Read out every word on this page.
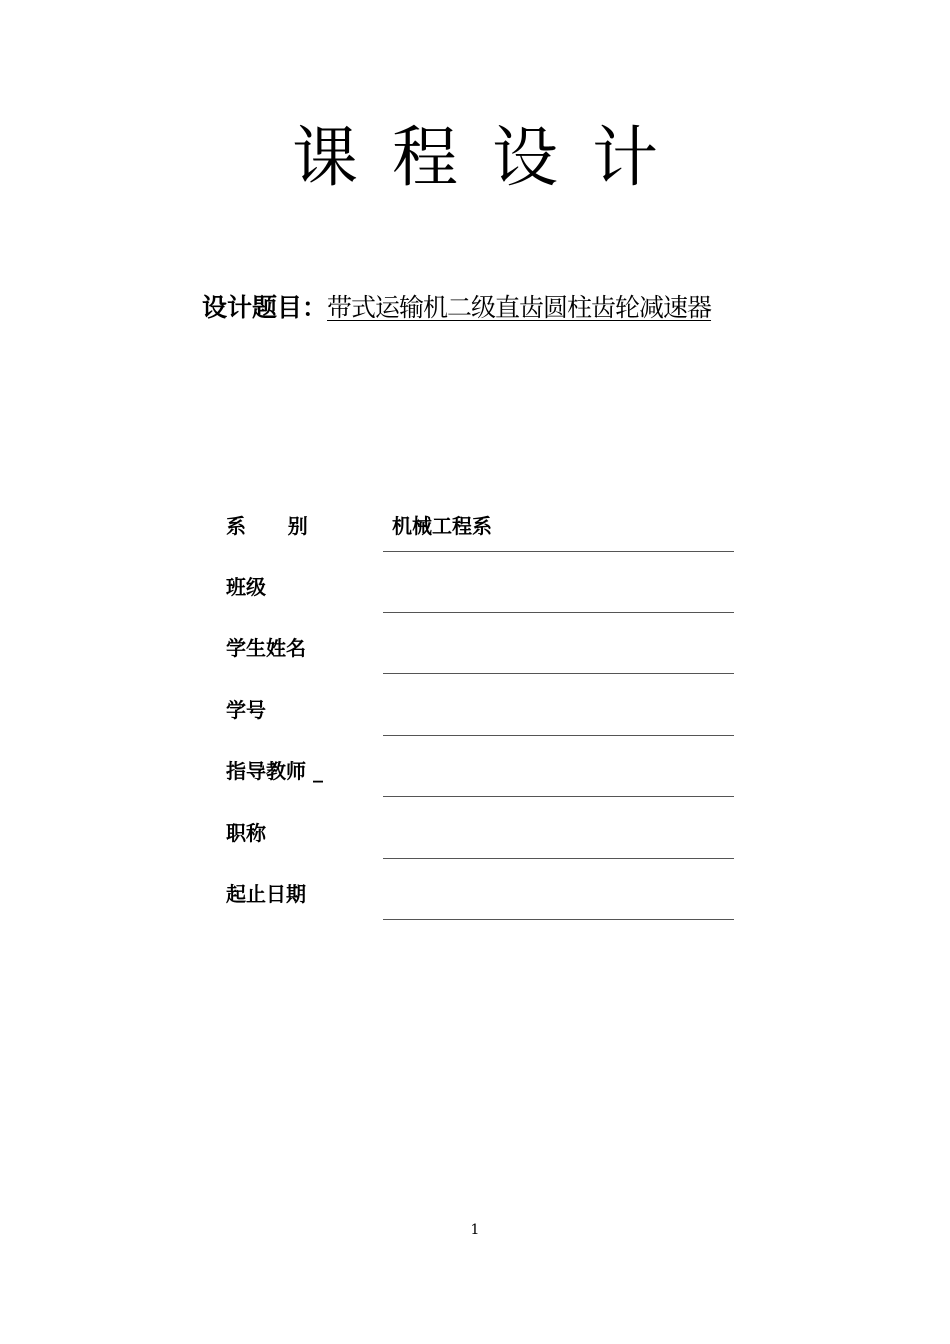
课程设计
设计题目：带式运输机二级直齿圆柱齿轮减速器
系      别	机械工程系
班级
学生姓名
学号
指导教师 _
职称
起止日期
1
